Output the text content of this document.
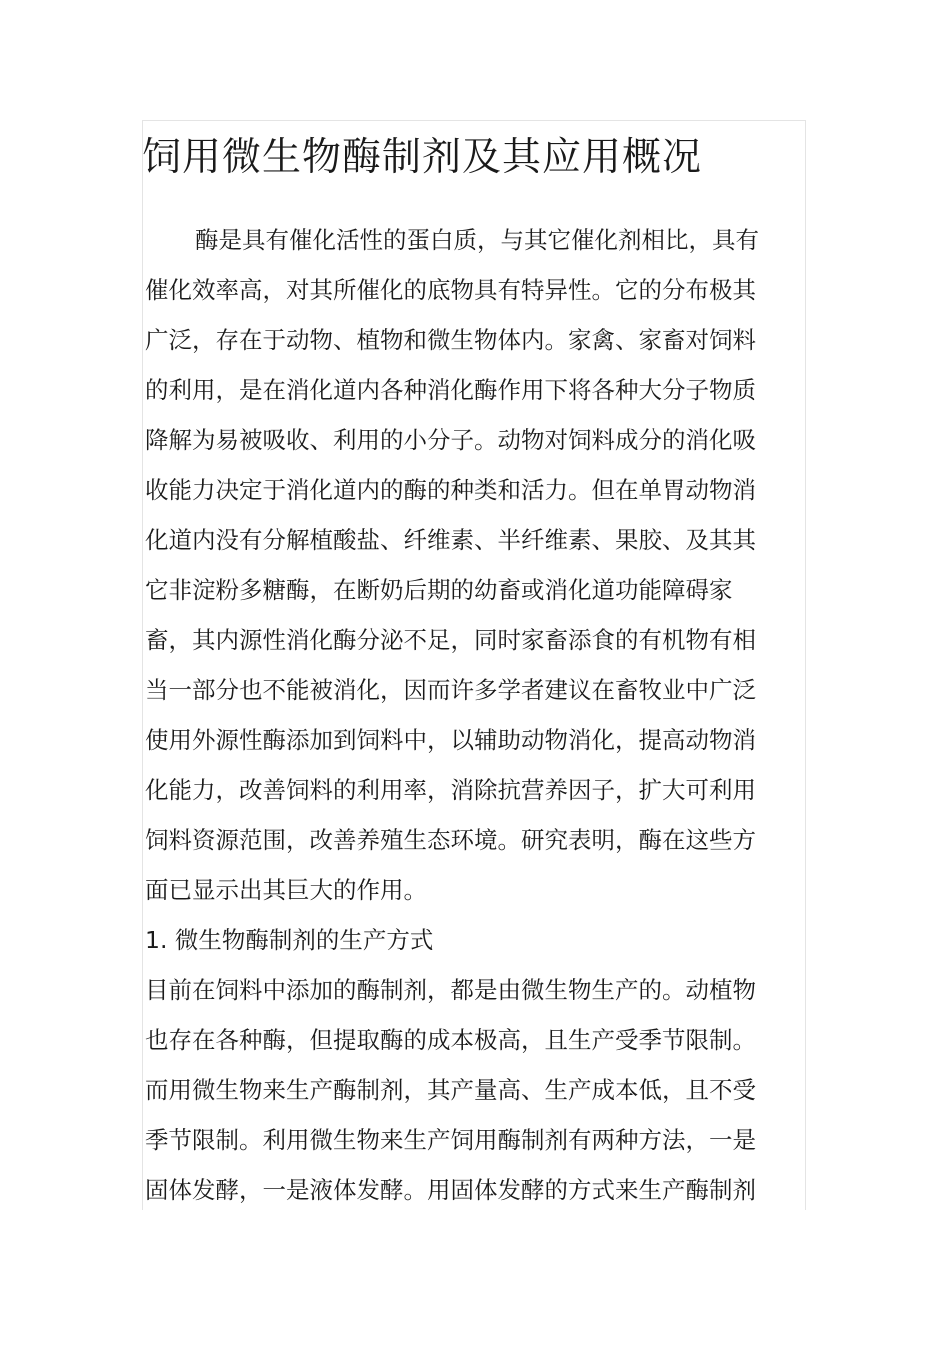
饲用微生物酶制剂及其应用概况
酶是具有催化活性的蛋白质，与其它催化剂相比，具有
催化效率高，对其所催化的底物具有特异性。它的分布极其
广泛，存在于动物、植物和微生物体内。家禽、家畜对饲料
的利用，是在消化道内各种消化酶作用下将各种大分子物质
降解为易被吸收、利用的小分子。动物对饲料成分的消化吸
收能力决定于消化道内的酶的种类和活力。但在单胃动物消
化道内没有分解植酸盐、纤维素、半纤维素、果胶、及其其
它非淀粉多糖酶，在断奶后期的幼畜或消化道功能障碍家
畜，其内源性消化酶分泌不足，同时家畜添食的有机物有相
当一部分也不能被消化，因而许多学者建议在畜牧业中广泛
使用外源性酶添加到饲料中，以辅助动物消化，提高动物消
化能力，改善饲料的利用率，消除抗营养因子，扩大可利用
饲料资源范围，改善养殖生态环境。研究表明，酶在这些方
面已显示出其巨大的作用。
1. 微生物酶制剂的生产方式
目前在饲料中添加的酶制剂，都是由微生物生产的。动植物
也存在各种酶，但提取酶的成本极高，且生产受季节限制。
而用微生物来生产酶制剂，其产量高、生产成本低，且不受
季节限制。利用微生物来生产饲用酶制剂有两种方法，一是
固体发酵，一是液体发酵。用固体发酵的方式来生产酶制剂
